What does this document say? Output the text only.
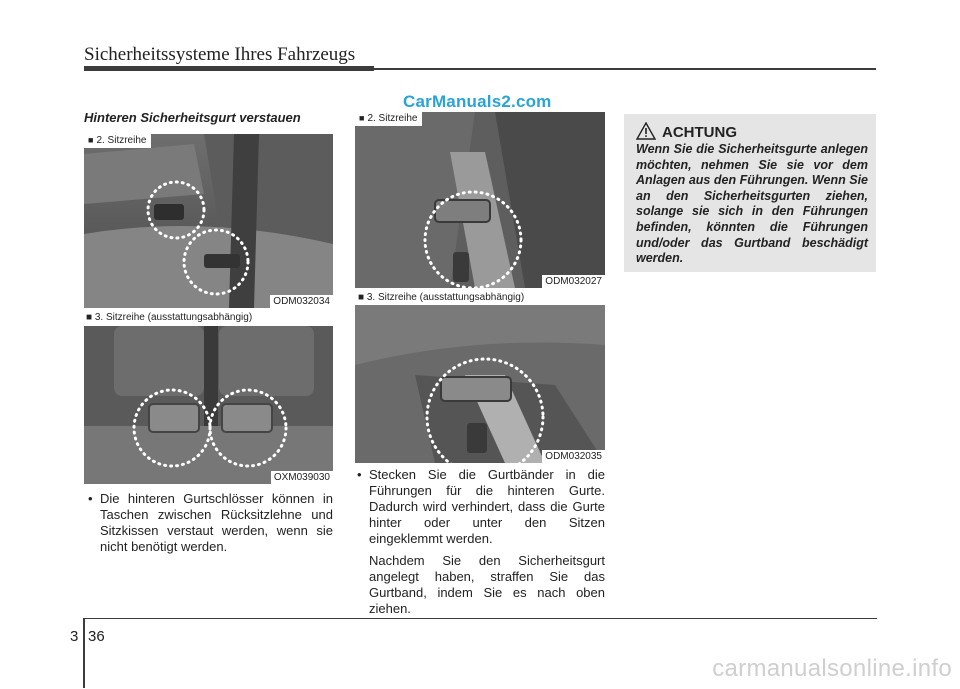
Sicherheitssysteme Ihres Fahrzeugs
CarManuals2.com
Hinteren Sicherheitsgurt verstauen
■ 2. Sitzreihe
ODM032034
■ 3. Sitzreihe (ausstattungsabhängig)
OXM039030
• Die hinteren Gurtschlösser können in Taschen zwischen Rücksitzlehne und Sitzkissen verstaut werden, wenn sie nicht benötigt werden.
■ 2. Sitzreihe
ODM032027
■ 3. Sitzreihe (ausstattungsabhängig)
ODM032035
• Stecken Sie die Gurtbänder in die Führungen für die hinteren Gurte. Dadurch wird verhindert, dass die Gurte hinter oder unter den Sitzen eingeklemmt werden.
Nachdem Sie den Sicherheitsgurt angelegt haben, straffen Sie das Gurtband, indem Sie es nach oben ziehen.
ACHTUNG
Wenn Sie die Sicherheitsgurte anlegen möchten, nehmen Sie sie vor dem Anlagen aus den Führungen. Wenn Sie an den Sicherheitsgurten ziehen, solange sie sich in den Führungen befinden, könnten die Führungen und/oder das Gurtband beschädigt werden.
3 36
carmanualsonline.info
